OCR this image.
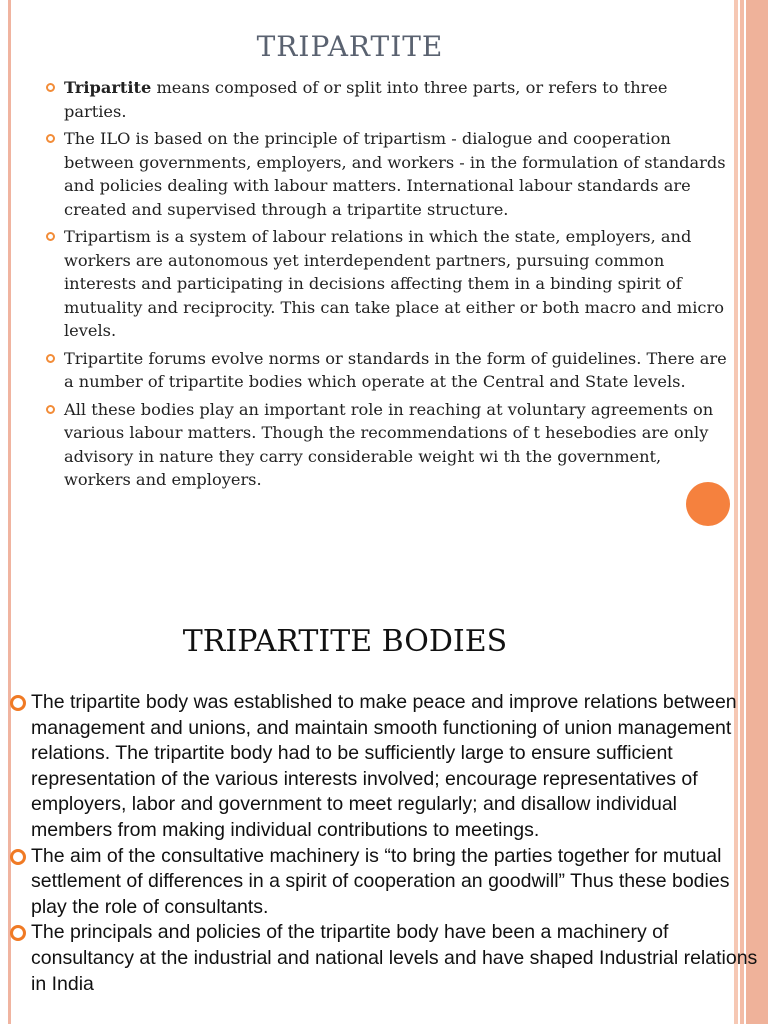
TRIPARTITE
Tripartite means composed of or split into three parts, or refers to three parties.
The ILO is based on the principle of tripartism - dialogue and cooperation between governments, employers, and workers - in the formulation of standards and policies dealing with labour matters. International labour standards are created and supervised through a tripartite structure.
Tripartism is a system of labour relations in which the state, employers, and workers are autonomous yet interdependent partners, pursuing common interests and participating in decisions affecting them in a binding spirit of mutuality and reciprocity. This can take place at either or both macro and micro levels.
Tripartite forums evolve norms or standards in the form of guidelines. There are a number of tripartite bodies which operate at the Central and State levels.
All these bodies play an important role in reaching at voluntary agreements on various labour matters. Though the recommendations of t hesebodies are only advisory in nature they carry considerable weight wi th the government, workers and employers.
TRIPARTITE BODIES
The tripartite body was established to make peace and improve relations between management and unions, and maintain smooth functioning of union management relations. The tripartite body had to be sufficiently large to ensure sufficient representation of the various interests involved; encourage representatives of employers, labor and government to meet regularly; and disallow individual members from making individual contributions to meetings.
The aim of the consultative machinery is “to bring the parties together for mutual settlement of differences in a spirit of cooperation an goodwill” Thus these bodies play the role of consultants.
The principals and policies of the tripartite body have been a machinery of consultancy at the industrial and national levels and have shaped Industrial relations in India
